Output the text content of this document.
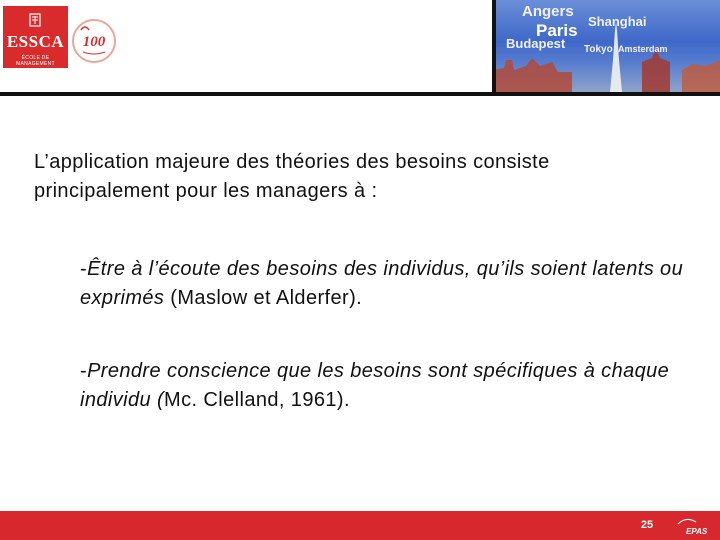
ESSCA
ÉCOLE DE MANAGEMENT
100
Angers
Shanghai
Paris
Budapest Tokyo Amsterdam

L’application majeure des théories des besoins consiste principalement pour les managers à :

-Être à l’écoute des besoins des individus, qu’ils soient latents ou exprimés (Maslow et Alderfer).

-Prendre conscience que les besoins sont spécifiques à chaque individu (Mc. Clelland, 1961).

25
EPAS
